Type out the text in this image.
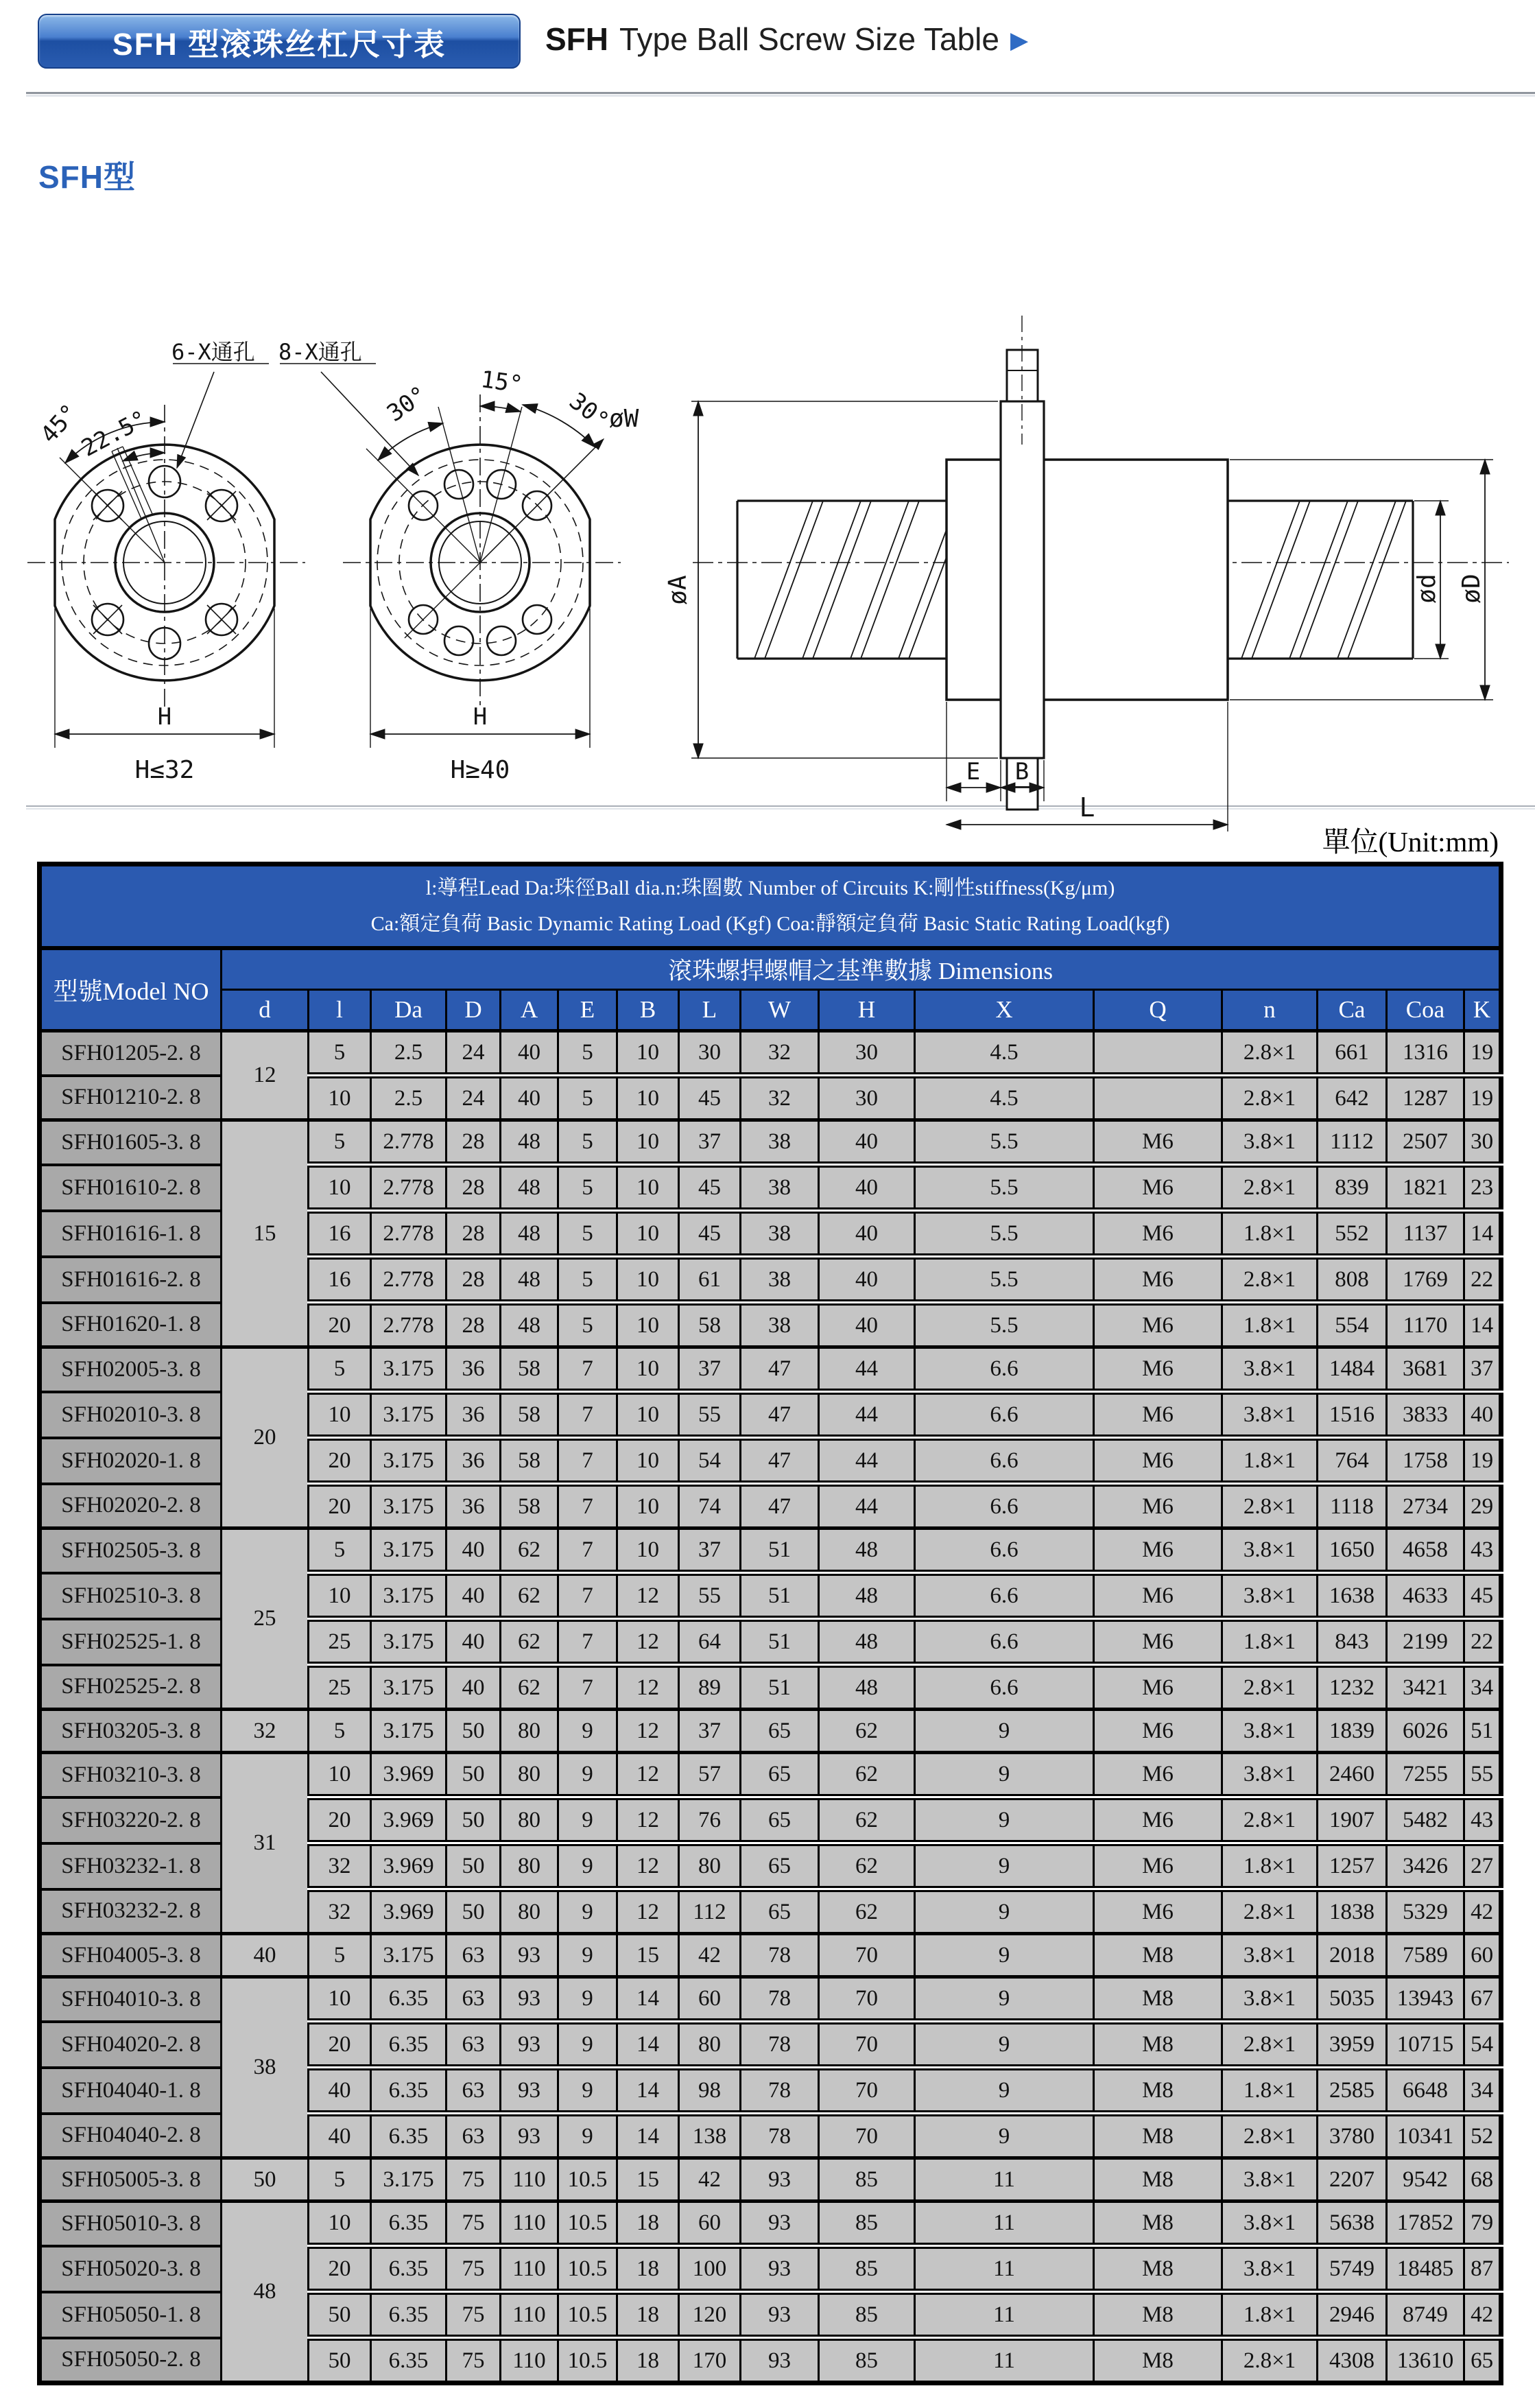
SFH 型滚珠丝杠尺寸表	SFH Type Ball Screw Size Table ▶
SFH型
單位(Unit:mm)
45°
22.5°
6-X通孔
H
H≤32
30° 15°
30°
8-X通孔
øW
H
H≥40
øA	ød øD
E B
L
l:導程Lead Da:珠徑Ball dia.n:珠圈數 Number of Circuits K:剛性stiffness(Kg/μm)
Ca:額定負荷 Basic Dynamic Rating Load (Kgf) Coa:靜額定負荷 Basic Static Rating Load(kgf)																

型號Model NO	滾珠螺捍螺帽之基準數據 Dimensions															
	d	l	Da	D	A	E	B	L	W	H	X	Q	n	Ca	Coa	K
SFH01205-2. 8	12	5	2.5	24	40	5	10	30	32	30	4.5		2.8×1	661	1316	19
SFH01210-2. 8		10	2.5	24	40	5	10	45	32	30	4.5		2.8×1	642	1287	19
SFH01605-3. 8	15	5	2.778	28	48	5	10	37	38	40	5.5	M6	3.8×1	1112	2507	30
SFH01610-2. 8		10	2.778	28	48	5	10	45	38	40	5.5	M6	2.8×1	839	1821	23
SFH01616-1. 8		16	2.778	28	48	5	10	45	38	40	5.5	M6	1.8×1	552	1137	14
SFH01616-2. 8		16	2.778	28	48	5	10	61	38	40	5.5	M6	2.8×1	808	1769	22
SFH01620-1. 8		20	2.778	28	48	5	10	58	38	40	5.5	M6	1.8×1	554	1170	14
SFH02005-3. 8	20	5	3.175	36	58	7	10	37	47	44	6.6	M6	3.8×1	1484	3681	37
SFH02010-3. 8		10	3.175	36	58	7	10	55	47	44	6.6	M6	3.8×1	1516	3833	40
SFH02020-1. 8		20	3.175	36	58	7	10	54	47	44	6.6	M6	1.8×1	764	1758	19
SFH02020-2. 8		20	3.175	36	58	7	10	74	47	44	6.6	M6	2.8×1	1118	2734	29
SFH02505-3. 8	25	5	3.175	40	62	7	10	37	51	48	6.6	M6	3.8×1	1650	4658	43
SFH02510-3. 8		10	3.175	40	62	7	12	55	51	48	6.6	M6	3.8×1	1638	4633	45
SFH02525-1. 8		25	3.175	40	62	7	12	64	51	48	6.6	M6	1.8×1	843	2199	22
SFH02525-2. 8		25	3.175	40	62	7	12	89	51	48	6.6	M6	2.8×1	1232	3421	34
SFH03205-3. 8	32	5	3.175	50	80	9	12	37	65	62	9	M6	3.8×1	1839	6026	51
SFH03210-3. 8	31	10	3.969	50	80	9	12	57	65	62	9	M6	3.8×1	2460	7255	55
SFH03220-2. 8		20	3.969	50	80	9	12	76	65	62	9	M6	2.8×1	1907	5482	43
SFH03232-1. 8		32	3.969	50	80	9	12	80	65	62	9	M6	1.8×1	1257	3426	27
SFH03232-2. 8		32	3.969	50	80	9	12	112	65	62	9	M6	2.8×1	1838	5329	42
SFH04005-3. 8	40	5	3.175	63	93	9	15	42	78	70	9	M8	3.8×1	2018	7589	60
SFH04010-3. 8	38	10	6.35	63	93	9	14	60	78	70	9	M8	3.8×1	5035	13943	67
SFH04020-2. 8		20	6.35	63	93	9	14	80	78	70	9	M8	2.8×1	3959	10715	54
SFH04040-1. 8		40	6.35	63	93	9	14	98	78	70	9	M8	1.8×1	2585	6648	34
SFH04040-2. 8		40	6.35	63	93	9	14	138	78	70	9	M8	2.8×1	3780	10341	52
SFH05005-3. 8	50	5	3.175	75	110	10.5	15	42	93	85	11	M8	3.8×1	2207	9542	68
SFH05010-3. 8	48	10	6.35	75	110	10.5	18	60	93	85	11	M8	3.8×1	5638	17852	79
SFH05020-3. 8		20	6.35	75	110	10.5	18	100	93	85	11	M8	3.8×1	5749	18485	87
SFH05050-1. 8		50	6.35	75	110	10.5	18	120	93	85	11	M8	1.8×1	2946	8749	42
SFH05050-2. 8		50	6.35	75	110	10.5	18	170	93	85	11	M8	2.8×1	4308	13610	65
